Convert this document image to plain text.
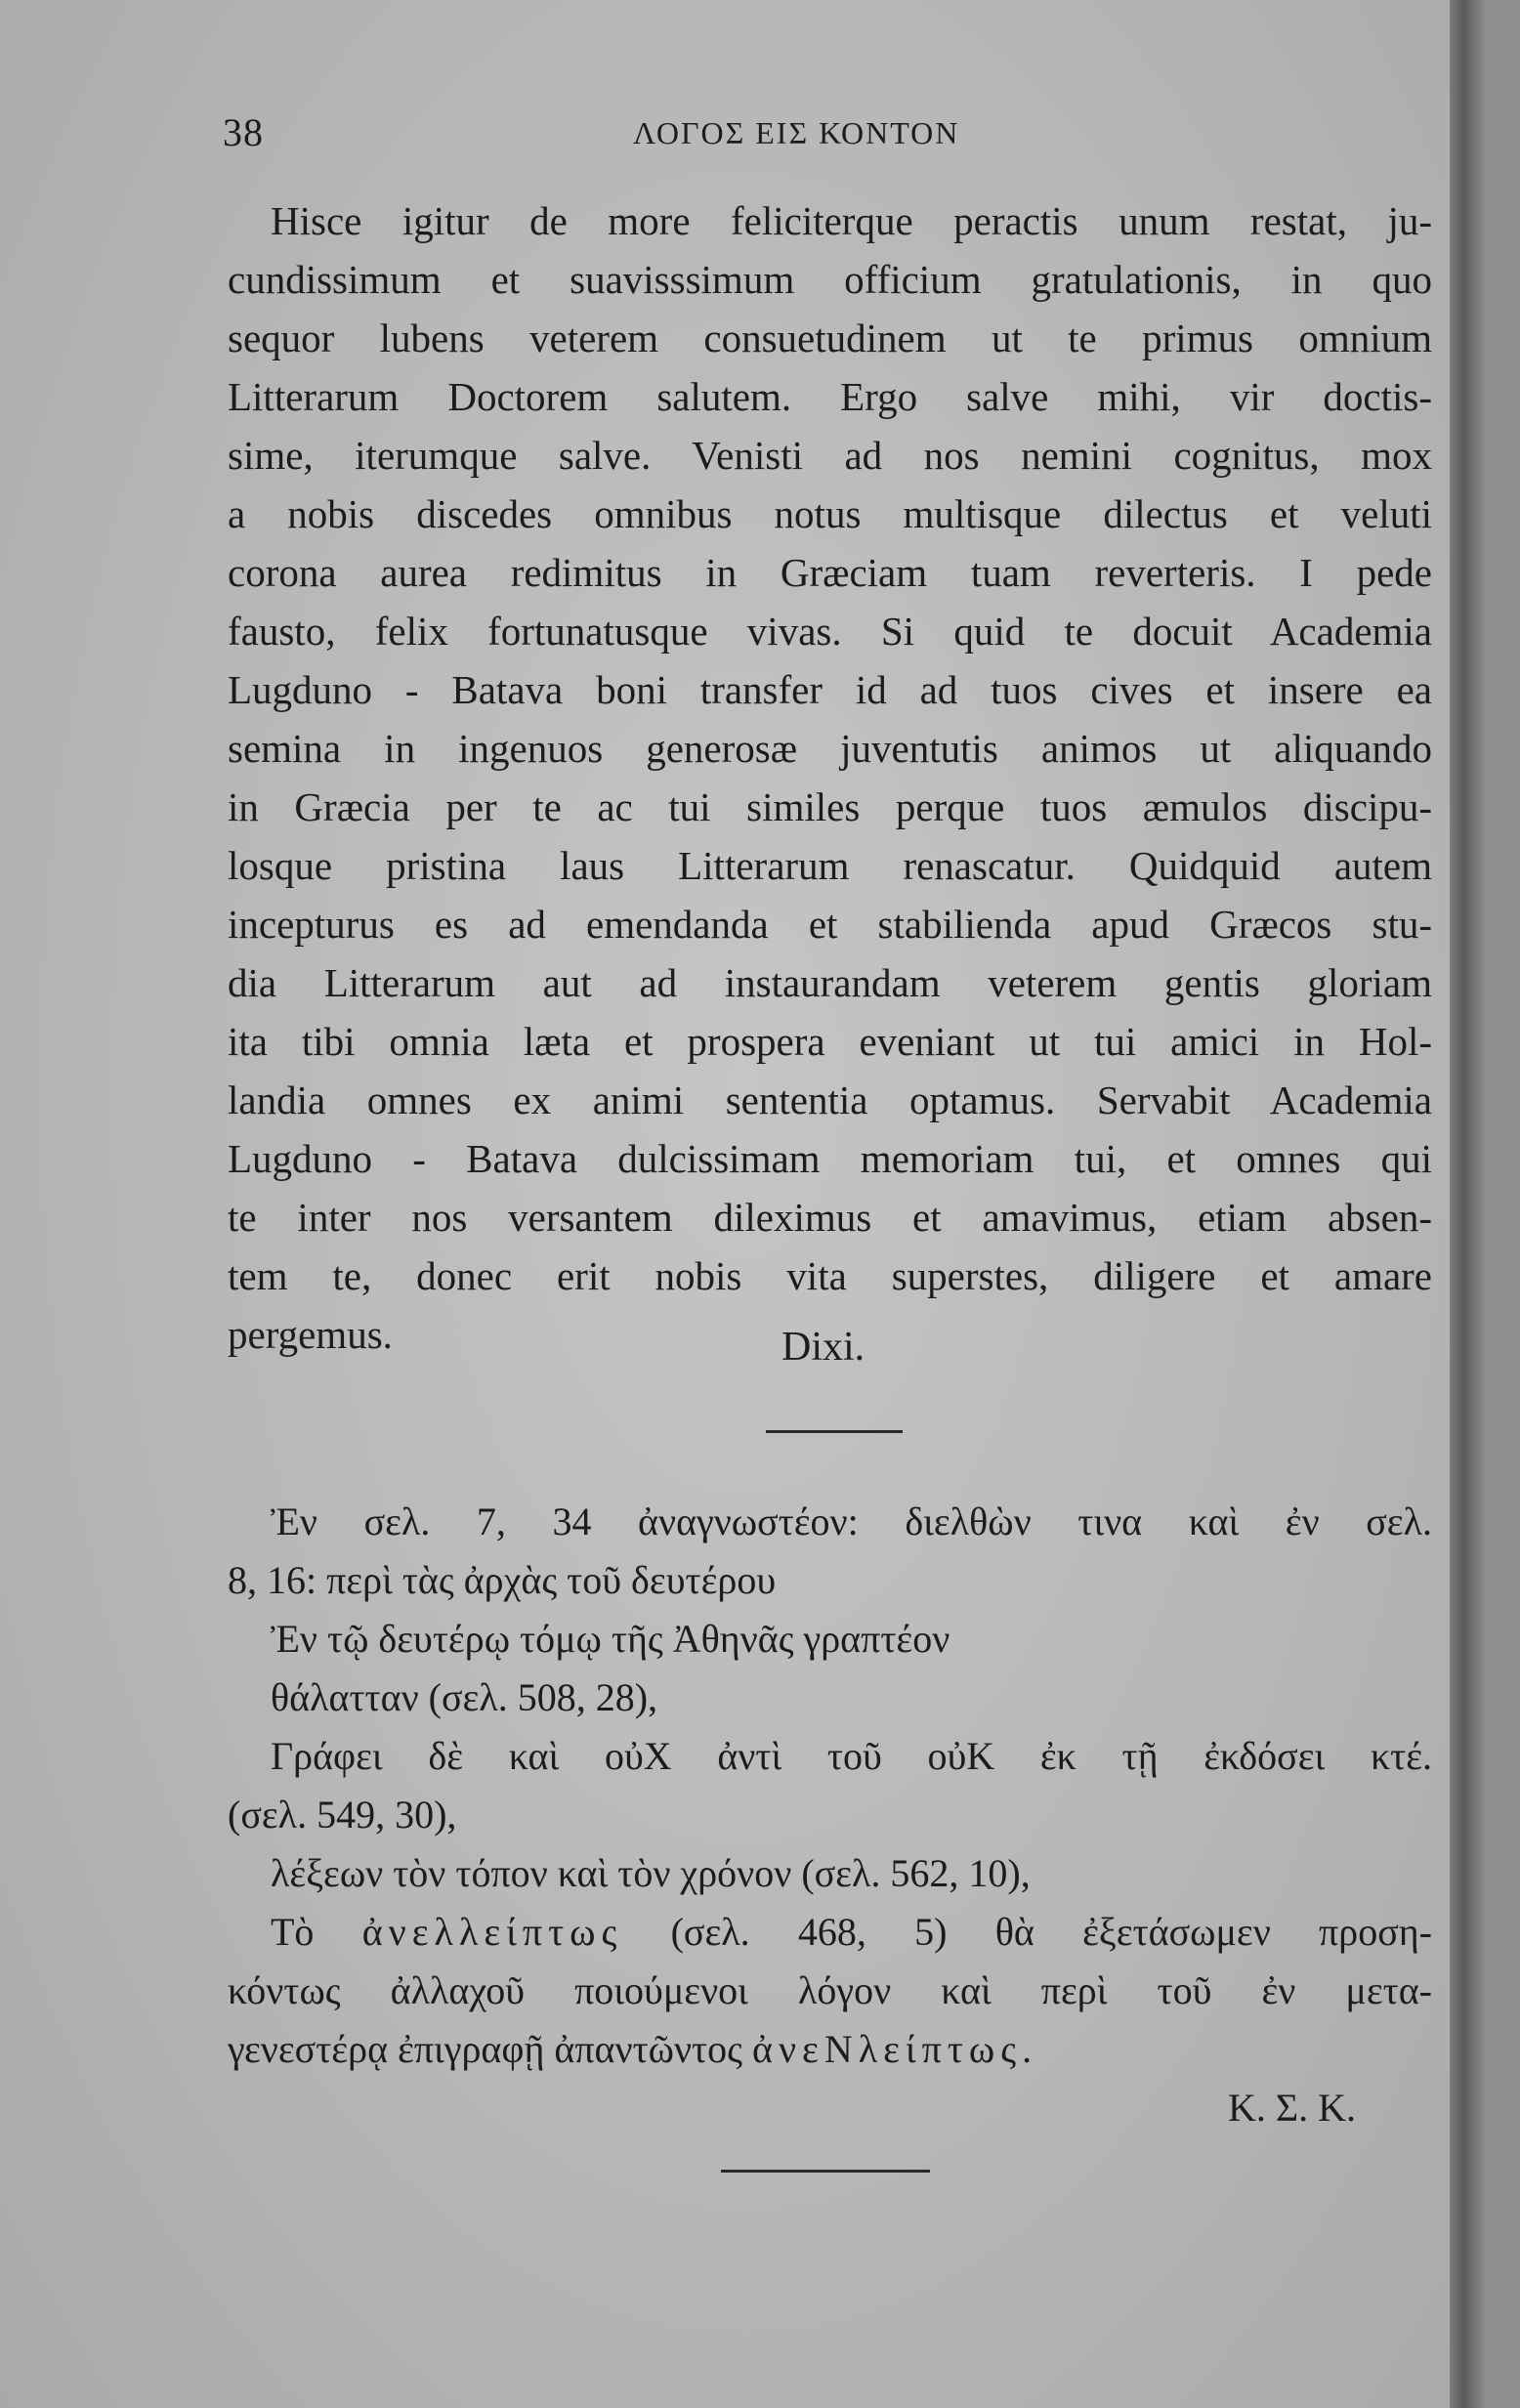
38	ΛΟΓΟΣ ΕΙΣ ΚΟΝΤΟΝ
Hisce igitur de more feliciterque peractis unum restat, ju-
cundissimum et suavisssimum officium gratulationis, in quo
sequor lubens veterem consuetudinem ut te primus omnium
Litterarum Doctorem salutem. Ergo salve mihi, vir doctis-
sime, iterumque salve. Venisti ad nos nemini cognitus, mox
a nobis discedes omnibus notus multisque dilectus et veluti
corona aurea redimitus in Græciam tuam reverteris. I pede
fausto, felix fortunatusque vivas. Si quid te docuit Academia
Lugduno - Batava boni transfer id ad tuos cives et insere ea
semina in ingenuos generosæ juventutis animos ut aliquando
in Græcia per te ac tui similes perque tuos æmulos discipu-
losque pristina laus Litterarum renascatur. Quidquid autem
incepturus es ad emendanda et stabilienda apud Græcos stu-
dia Litterarum aut ad instaurandam veterem gentis gloriam
ita tibi omnia læta et prospera eveniant ut tui amici in Hol-
landia omnes ex animi sententia optamus. Servabit Academia
Lugduno - Batava dulcissimam memoriam tui, et omnes qui
te inter nos versantem dileximus et amavimus, etiam absen-
tem te, donec erit nobis vita superstes, diligere et amare
pergemus.	Dixi.
Ἐν σελ. 7, 34 ἀναγνωστέον: διελθὼν τινα καὶ ἐν σελ.
8, 16: περὶ τὰς ἀρχὰς τοῦ δευτέρου
Ἐν τῷ δευτέρῳ τόμῳ τῆς Ἀθηνᾶς γραπτέον
θάλατταν (σελ. 508, 28),
Γράφει δὲ καὶ οὐΧ ἀντὶ τοῦ οὐΚ ἐκ τῇ ἐκδόσει κτέ.
(σελ. 549, 30),
λέξεων τὸν τόπον καὶ τὸν χρόνον (σελ. 562, 10),
Τὸ ἀνελλείπτως (σελ. 468, 5) θὰ ἐξετάσωμεν προση-
κόντως ἀλλαχοῦ ποιούμενοι λόγον καὶ περὶ τοῦ ἐν μετα-
γενεστέρᾳ ἐπιγραφῇ ἀπαντῶντος ἀνεΝλείπτως.
Κ. Σ. Κ.
